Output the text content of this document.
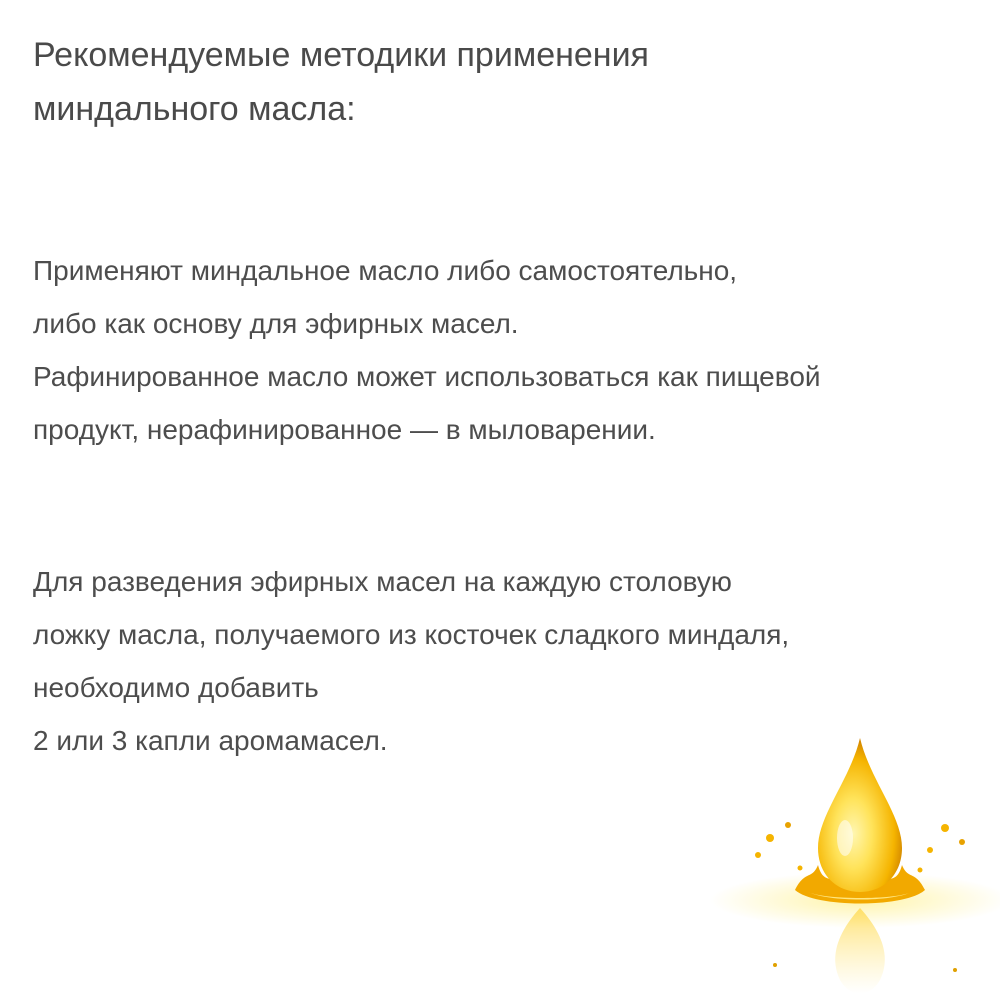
Рекомендуемые методики применения
миндального масла:

Применяют миндальное масло либо самостоятельно,
либо как основу для эфирных масел.
Рафинированное масло может использоваться как пищевой
продукт, нерафинированное — в мыловарении.

Для разведения эфирных масел на каждую столовую
ложку масла, получаемого из косточек сладкого миндаля,
необходимо добавить
2 или 3 капли аромамасел.
